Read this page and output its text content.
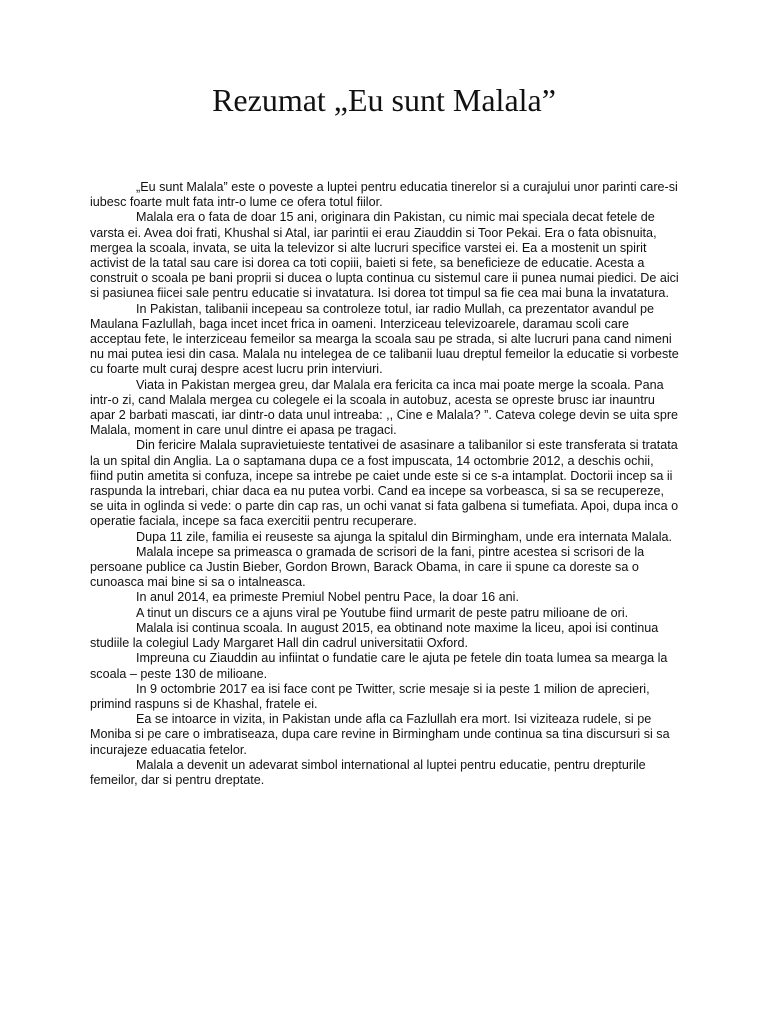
Rezumat „Eu sunt Malala”

„Eu sunt Malala” este o poveste a luptei pentru educatia tinerelor si a curajului unor parinti care-si iubesc foarte mult fata intr-o lume ce ofera totul fiilor.

Malala era o fata de doar 15 ani, originara din Pakistan, cu nimic mai speciala decat fetele de varsta ei. Avea doi frati, Khushal si Atal, iar parintii ei erau Ziauddin si Toor Pekai. Era o fata obisnuita, mergea la scoala, invata, se uita la televizor si alte lucruri specifice varstei ei. Ea a mostenit un spirit activist de la tatal sau care isi dorea ca toti copiii, baieti si fete, sa beneficieze de educatie. Acesta a construit o scoala pe bani proprii si ducea o lupta continua cu sistemul care ii punea numai piedici. De aici si pasiunea fiicei sale pentru educatie si invatatura. Isi dorea tot timpul sa fie cea mai buna la invatatura.

In Pakistan, talibanii incepeau sa controleze totul, iar radio Mullah, ca prezentator avandul pe Maulana Fazlullah, baga incet incet frica in oameni. Interziceau televizoarele, daramau scoli care acceptau fete, le interziceau femeilor sa mearga la scoala sau pe strada, si alte lucruri pana cand nimeni nu mai putea iesi din casa. Malala nu intelegea de ce talibanii luau dreptul femeilor la educatie si vorbeste cu foarte mult curaj despre acest lucru prin interviuri.

Viata in Pakistan mergea greu, dar Malala era fericita ca inca mai poate merge la scoala. Pana intr-o zi, cand Malala mergea cu colegele ei la scoala in autobuz, acesta se opreste brusc iar inauntru apar 2 barbati mascati, iar dintr-o data unul intreaba: ,, Cine e Malala? ”. Cateva colege devin se uita spre Malala, moment in care unul dintre ei apasa pe tragaci.

Din fericire Malala supravietuieste tentativei de asasinare a talibanilor si este transferata si tratata la un spital din Anglia. La o saptamana dupa ce a fost impuscata, 14 octombrie 2012, a deschis ochii, fiind putin ametita si confuza, incepe sa intrebe pe caiet unde este si ce s-a intamplat. Doctorii incep sa ii raspunda la intrebari, chiar daca ea nu putea vorbi. Cand ea incepe sa vorbeasca, si sa se recupereze, se uita in oglinda si vede: o parte din cap ras, un ochi vanat si fata galbena si tumefiata. Apoi, dupa inca o operatie faciala, incepe sa faca exercitii pentru recuperare.

Dupa 11 zile, familia ei reuseste sa ajunga la spitalul din Birmingham, unde era internata Malala.

Malala incepe sa primeasca o gramada de scrisori de la fani, pintre acestea si scrisori de la persoane publice ca Justin Bieber, Gordon Brown, Barack Obama, in care ii spune ca doreste sa o cunoasca mai bine si sa o intalneasca.

In anul 2014, ea primeste Premiul Nobel pentru Pace, la doar 16 ani.

A tinut un discurs ce a ajuns viral pe Youtube fiind urmarit de peste patru milioane de ori.

Malala isi continua scoala. In august 2015, ea obtinand note maxime la liceu, apoi isi continua studiile la colegiul Lady Margaret Hall din cadrul universitatii Oxford.

Impreuna cu Ziauddin au infiintat o fundatie care le ajuta pe fetele din toata lumea sa mearga la scoala – peste 130 de milioane.

In 9 octombrie 2017 ea isi face cont pe Twitter, scrie mesaje si ia peste 1 milion de aprecieri, primind raspuns si de Khashal, fratele ei.

Ea se intoarce in vizita, in Pakistan unde afla ca Fazlullah era mort. Isi viziteaza rudele, si pe Moniba si pe care o imbratiseaza, dupa care revine in Birmingham unde continua sa tina discursuri si sa incurajeze eduacatia fetelor.

Malala a devenit un adevarat simbol international al luptei pentru educatie, pentru drepturile femeilor, dar si pentru dreptate.
